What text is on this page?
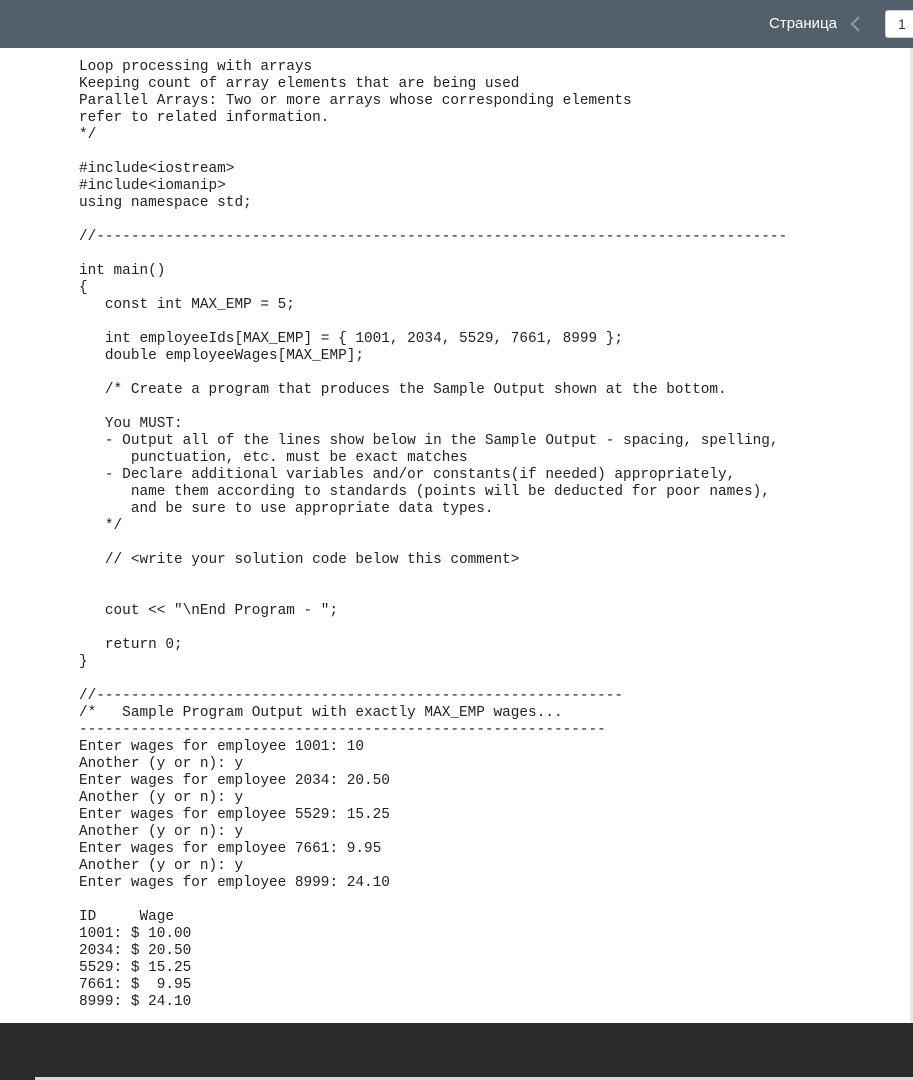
Страница
1
Loop processing with arrays
Keeping count of array elements that are being used
Parallel Arrays: Two or more arrays whose corresponding elements
refer to related information.
*/
#include<iostream>
#include<iomanip>
using namespace std;
//--------------------------------------------------------------------------------
int main()
{
const int MAX_EMP = 5;
int employeeIds[MAX_EMP] = { 1001, 2034, 5529, 7661, 8999 };
double employeeWages[MAX_EMP];
/* Create a program that produces the Sample Output shown at the bottom.
You MUST:
- Output all of the lines show below in the Sample Output - spacing, spelling,
punctuation, etc. must be exact matches
- Declare additional variables and/or constants(if needed) appropriately,
name them according to standards (points will be deducted for poor names),
and be sure to use appropriate data types.
*/
// <write your solution code below this comment>
cout << "\nEnd Program - ";
return 0;
}
//-------------------------------------------------------------
/*   Sample Program Output with exactly MAX_EMP wages...
-------------------------------------------------------------
Enter wages for employee 1001: 10
Another (y or n): y
Enter wages for employee 2034: 20.50
Another (y or n): y
Enter wages for employee 5529: 15.25
Another (y or n): y
Enter wages for employee 7661: 9.95
Another (y or n): y
Enter wages for employee 8999: 24.10
ID     Wage
1001: $ 10.00
2034: $ 20.50
5529: $ 15.25
7661: $  9.95
8999: $ 24.10
